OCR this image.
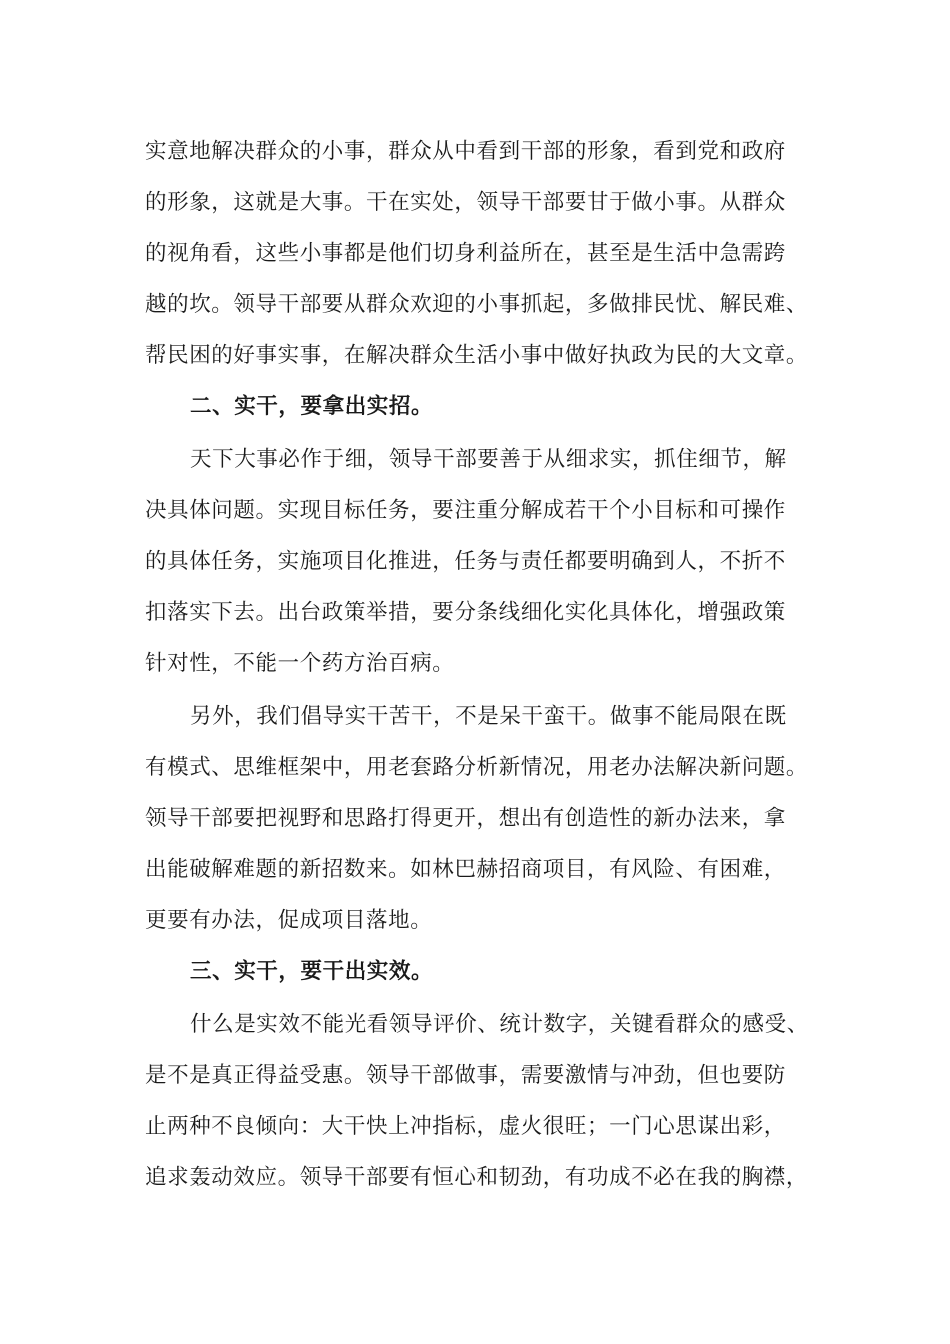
实意地解决群众的小事，群众从中看到干部的形象，看到党和政府
的形象，这就是大事。干在实处，领导干部要甘于做小事。从群众
的视角看，这些小事都是他们切身利益所在，甚至是生活中急需跨
越的坎。领导干部要从群众欢迎的小事抓起，多做排民忧、解民难、
帮民困的好事实事，在解决群众生活小事中做好执政为民的大文章。
二、实干，要拿出实招。
天下大事必作于细，领导干部要善于从细求实，抓住细节，解
决具体问题。实现目标任务，要注重分解成若干个小目标和可操作
的具体任务，实施项目化推进，任务与责任都要明确到人，不折不
扣落实下去。出台政策举措，要分条线细化实化具体化，增强政策
针对性，不能一个药方治百病。
另外，我们倡导实干苦干，不是呆干蛮干。做事不能局限在既
有模式、思维框架中，用老套路分析新情况，用老办法解决新问题。
领导干部要把视野和思路打得更开，想出有创造性的新办法来，拿
出能破解难题的新招数来。如林巴赫招商项目，有风险、有困难，
更要有办法，促成项目落地。
三、实干，要干出实效。
什么是实效不能光看领导评价、统计数字，关键看群众的感受、
是不是真正得益受惠。领导干部做事，需要激情与冲劲，但也要防
止两种不良倾向：大干快上冲指标，虚火很旺；一门心思谋出彩，
追求轰动效应。领导干部要有恒心和韧劲，有功成不必在我的胸襟，
